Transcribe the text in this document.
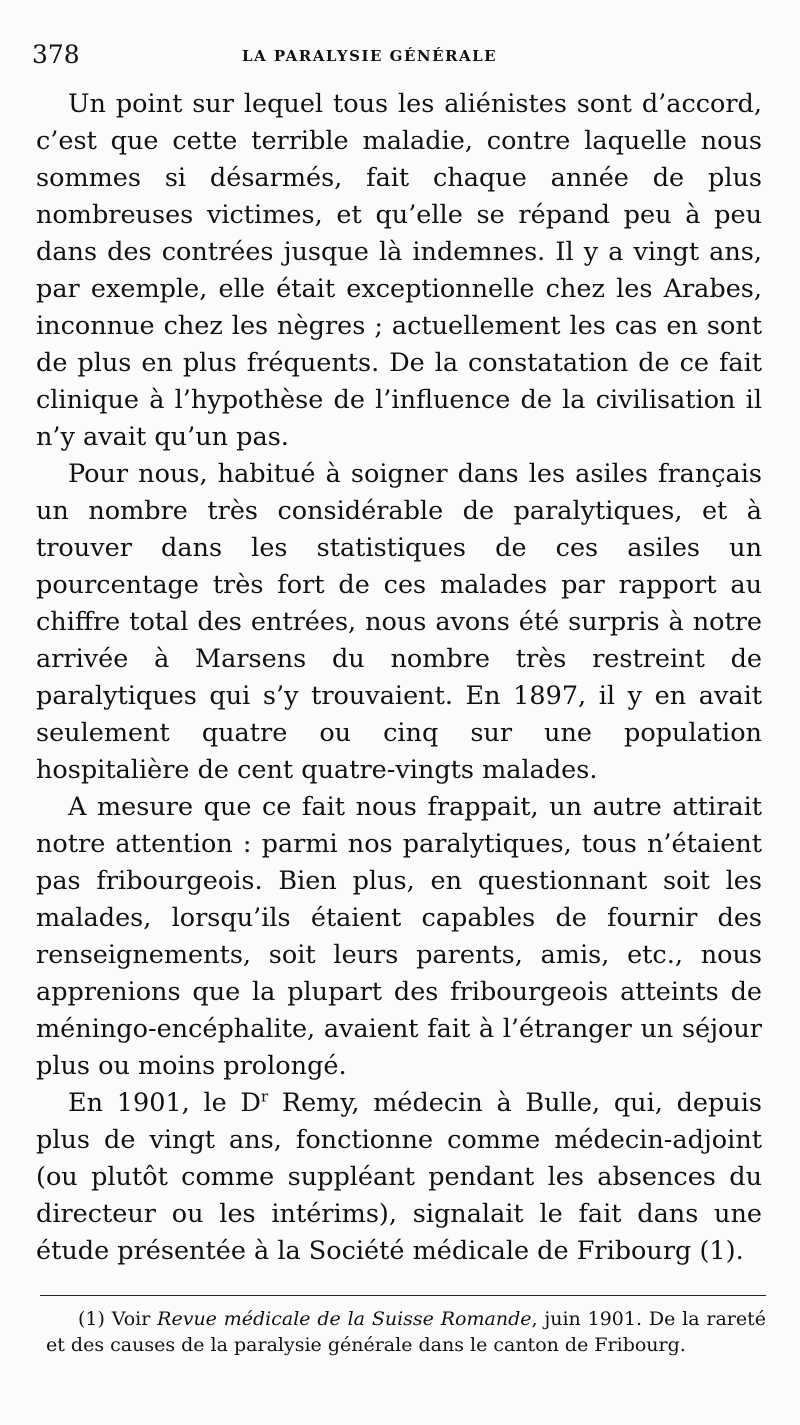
378	LA PARALYSIE GÉNÉRALE

Un point sur lequel tous les aliénistes sont d’accord, c’est que cette terrible maladie, contre laquelle nous sommes si désarmés, fait chaque année de plus nombreuses victimes, et qu’elle se répand peu à peu dans des contrées jusque là indemnes. Il y a vingt ans, par exemple, elle était exceptionnelle chez les Arabes, inconnue chez les nègres ; actuellement les cas en sont de plus en plus fréquents. De la constatation de ce fait clinique à l’hypothèse de l’influence de la civilisation il n’y avait qu’un pas.

Pour nous, habitué à soigner dans les asiles français un nombre très considérable de paralytiques, et à trouver dans les statistiques de ces asiles un pourcentage très fort de ces malades par rapport au chiffre total des entrées, nous avons été surpris à notre arrivée à Marsens du nombre très restreint de paralytiques qui s’y trouvaient. En 1897, il y en avait seulement quatre ou cinq sur une population hospitalière de cent quatre-vingts malades.

A mesure que ce fait nous frappait, un autre attirait notre attention : parmi nos paralytiques, tous n’étaient pas fribourgeois. Bien plus, en questionnant soit les malades, lorsqu’ils étaient capables de fournir des renseignements, soit leurs parents, amis, etc., nous apprenions que la plupart des fribourgeois atteints de méningo-encéphalite, avaient fait à l’étranger un séjour plus ou moins prolongé.

En 1901, le $D^r$ Remy, médecin à Bulle, qui, depuis plus de vingt ans, fonctionne comme médecin-adjoint (ou plutôt comme suppléant pendant les absences du directeur ou les intérims), signalait le fait dans une étude présentée à la Société médicale de Fribourg (1).

(1) Voir Revue médicale de la Suisse Romande, juin 1901. De la rareté et des causes de la paralysie générale dans le canton de Fribourg.
